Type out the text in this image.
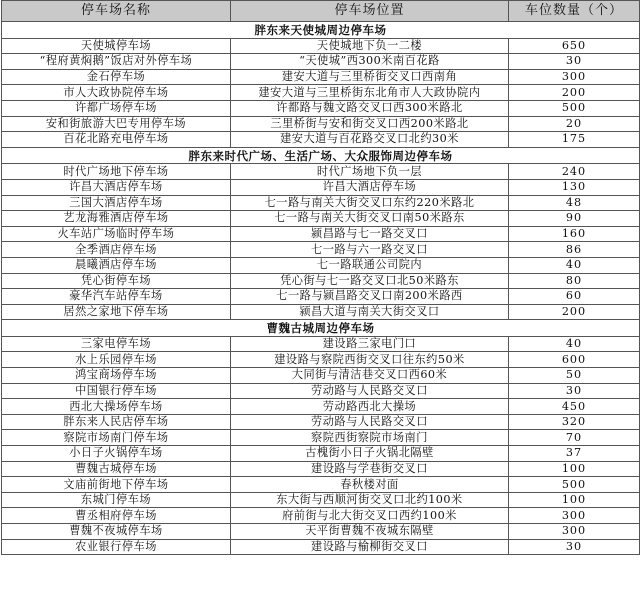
停车场名称	停车场位置	车位数量（个）
胖东来天使城周边停车场		
天使城停车场	天使城地下负一二楼	650
“程府黄焖鹅”饭店对外停车场	“天使城”西300米南百花路	30
金石停车场	建安大道与三里桥街交叉口西南角	300
市人大政协院停车场	建安大道与三里桥街东北角市人大政协院内	200
许都广场停车场	许都路与魏文路交叉口西300米路北	500
安和街旅游大巴专用停车场	三里桥街与安和街交叉口西200米路北	20
百花北路充电停车场	建安大道与百花路交叉口北约30米	175
胖东来时代广场、生活广场、大众服饰周边停车场		
时代广场地下停车场	时代广场地下负一层	240
许昌大酒店停车场	许昌大酒店停车场	130
三国大酒店停车场	七一路与南关大街交叉口东约220米路北	48
艺龙海雅酒店停车场	七一路与南关大街交叉口南50米路东	90
火车站广场临时停车场	颍昌路与七一路交叉口	160
全季酒店停车场	七一路与六一路交叉口	86
晨曦酒店停车场	七一路联通公司院内	40
凭心街停车场	凭心街与七一路交叉口北50米路东	80
豪华汽车站停车场	七一路与颍昌路交叉口南200米路西	60
居然之家地下停车场	颍昌大道与南关大街交叉口	200
曹魏古城周边停车场		
三家电停车场	建设路三家电门口	40
水上乐园停车场	建设路与察院西街交叉口往东约50米	600
鸿宝商场停车场	大同街与清洁巷交叉口西60米	50
中国银行停车场	劳动路与人民路交叉口	30
西北大操场停车场	劳动路西北大操场	450
胖东来人民店停车场	劳动路与人民路交叉口	320
察院市场南门停车场	察院西街察院市场南门	70
小日子火锅停车场	古槐街小日子火锅北隔壁	37
曹魏古城停车场	建设路与学巷街交叉口	100
文庙前街地下停车场	春秋楼对面	500
东城门停车场	东大街与西顺河街交叉口北约100米	100
曹丞相府停车场	府前街与北大街交叉口西约100米	300
曹魏不夜城停车场	天平街曹魏不夜城东隔壁	300
农业银行停车场	建设路与榆柳街交叉口	30
